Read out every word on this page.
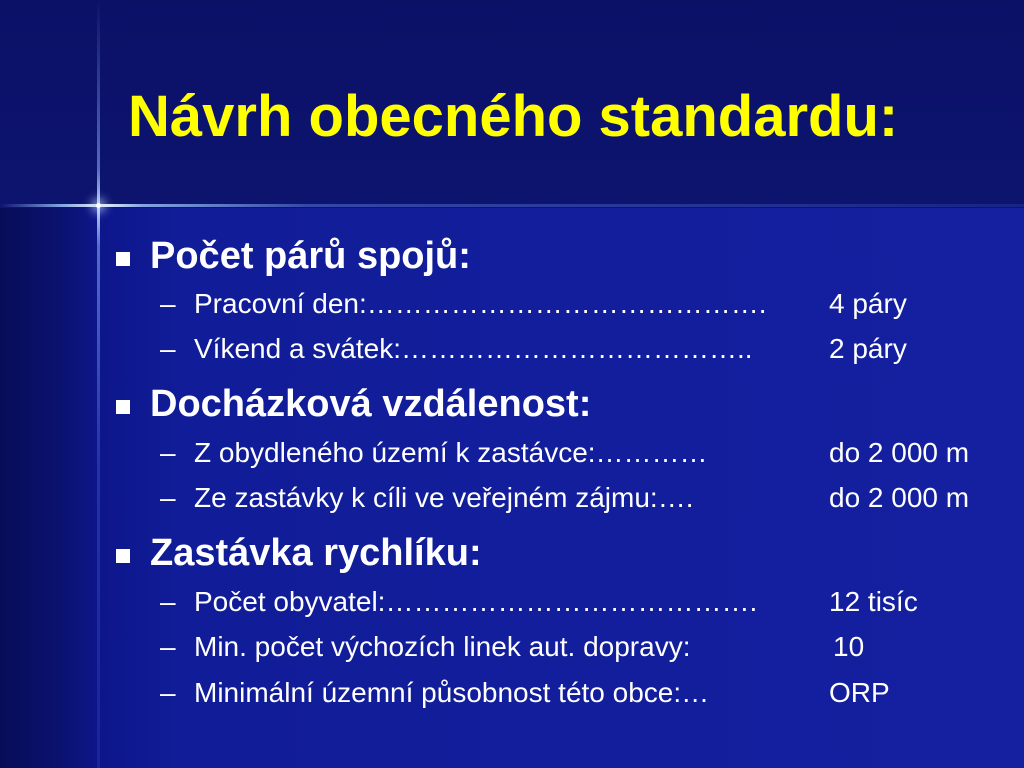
Návrh obecného standardu:
Počet párů spojů:
– Pracovní den:……………………………………. 4 páry
– Víkend a svátek:………………………………..	2 páry
Docházková vzdálenost:
– Z obydleného území k zastávce:…………	do 2 000 m
– Ze zastávky k cíli ve veřejném zájmu:….	do 2 000 m
Zastávka rychlíku:
– Počet obyvatel:………………………………….	12 tisíc
– Min. počet výchozích linek aut. dopravy:	10
– Minimální územní působnost této obce:…	ORP
